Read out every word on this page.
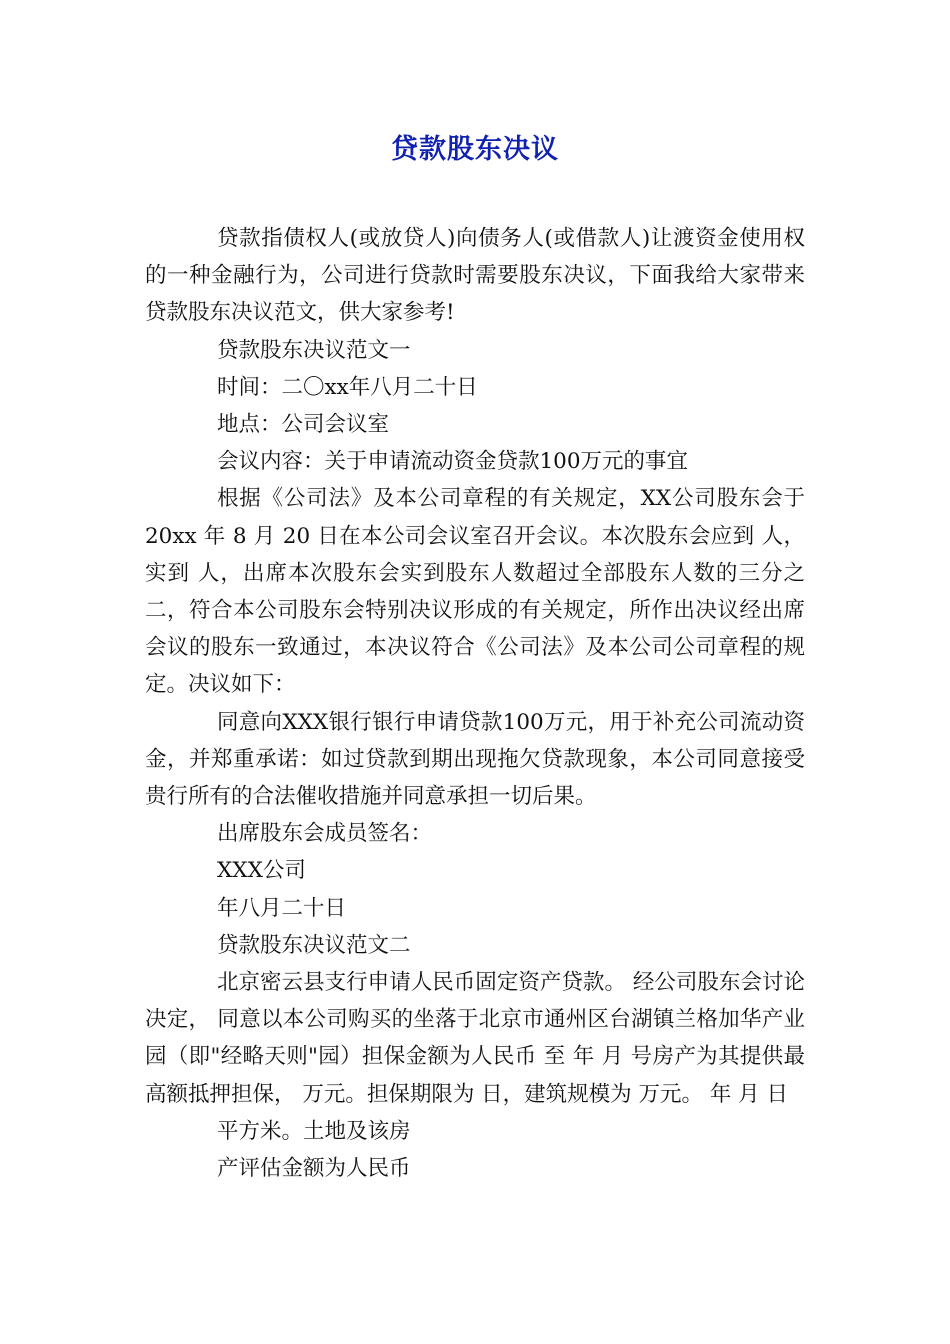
贷款股东决议

贷款指债权人(或放贷人)向债务人(或借款人)让渡资金使用权的一种金融行为，公司进行贷款时需要股东决议，下面我给大家带来贷款股东决议范文，供大家参考!

贷款股东决议范文一

时间：二〇xx年八月二十日

地点：公司会议室

会议内容：关于申请流动资金贷款100万元的事宜

根据《公司法》及本公司章程的有关规定，XX公司股东会于 20xx 年 8 月 20 日在本公司会议室召开会议。本次股东会应到 人，实到 人，出席本次股东会实到股东人数超过全部股东人数的三分之二，符合本公司股东会特别决议形成的有关规定，所作出决议经出席会议的股东一致通过，本决议符合《公司法》及本公司公司章程的规定。决议如下：

同意向XXX银行银行申请贷款100万元，用于补充公司流动资金，并郑重承诺：如过贷款到期出现拖欠贷款现象，本公司同意接受贵行所有的合法催收措施并同意承担一切后果。

出席股东会成员签名：

XXX公司

年八月二十日

贷款股东决议范文二

北京密云县支行申请人民币固定资产贷款。 经公司股东会讨论决定， 同意以本公司购买的坐落于北京市通州区台湖镇兰格加华产业园（即"经略天则"园）担保金额为人民币 至 年 月 号房产为其提供最高额抵押担保， 万元。担保期限为 日，建筑规模为 万元。 年 月 日

平方米。土地及该房

产评估金额为人民币
